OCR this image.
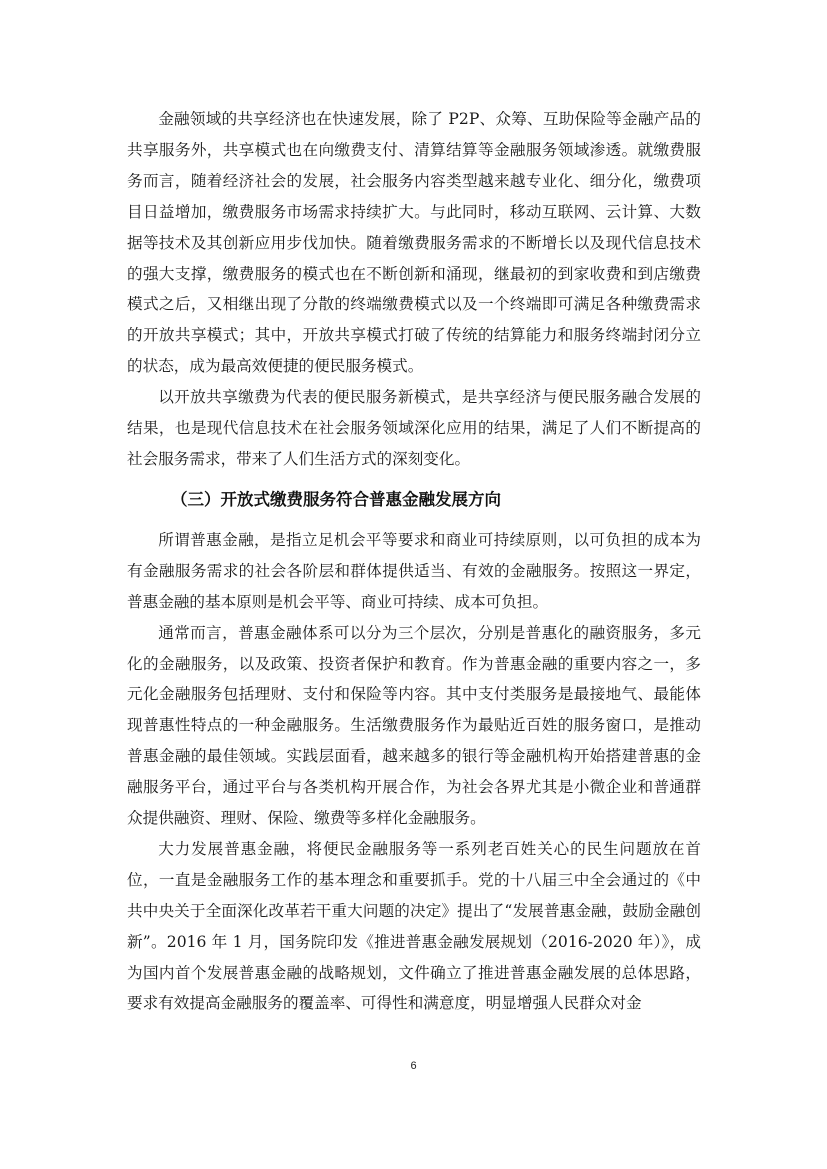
金融领域的共享经济也在快速发展，除了 P2P、众筹、互助保险等金融产品的共享服务外，共享模式也在向缴费支付、清算结算等金融服务领域渗透。就缴费服务而言，随着经济社会的发展，社会服务内容类型越来越专业化、细分化，缴费项目日益增加，缴费服务市场需求持续扩大。与此同时，移动互联网、云计算、大数据等技术及其创新应用步伐加快。随着缴费服务需求的不断增长以及现代信息技术的强大支撑，缴费服务的模式也在不断创新和涌现，继最初的到家收费和到店缴费模式之后，又相继出现了分散的终端缴费模式以及一个终端即可满足各种缴费需求的开放共享模式；其中，开放共享模式打破了传统的结算能力和服务终端封闭分立的状态，成为最高效便捷的便民服务模式。

以开放共享缴费为代表的便民服务新模式，是共享经济与便民服务融合发展的结果，也是现代信息技术在社会服务领域深化应用的结果，满足了人们不断提高的社会服务需求，带来了人们生活方式的深刻变化。

（三）开放式缴费服务符合普惠金融发展方向

所谓普惠金融，是指立足机会平等要求和商业可持续原则，以可负担的成本为有金融服务需求的社会各阶层和群体提供适当、有效的金融服务。按照这一界定，普惠金融的基本原则是机会平等、商业可持续、成本可负担。

通常而言，普惠金融体系可以分为三个层次，分别是普惠化的融资服务，多元化的金融服务，以及政策、投资者保护和教育。作为普惠金融的重要内容之一，多元化金融服务包括理财、支付和保险等内容。其中支付类服务是最接地气、最能体现普惠性特点的一种金融服务。生活缴费服务作为最贴近百姓的服务窗口，是推动普惠金融的最佳领域。实践层面看，越来越多的银行等金融机构开始搭建普惠的金融服务平台，通过平台与各类机构开展合作，为社会各界尤其是小微企业和普通群众提供融资、理财、保险、缴费等多样化金融服务。

大力发展普惠金融，将便民金融服务等一系列老百姓关心的民生问题放在首位，一直是金融服务工作的基本理念和重要抓手。党的十八届三中全会通过的《中共中央关于全面深化改革若干重大问题的决定》提出了“发展普惠金融，鼓励金融创新”。2016 年 1 月，国务院印发《推进普惠金融发展规划（2016-2020 年）》，成为国内首个发展普惠金融的战略规划，文件确立了推进普惠金融发展的总体思路，要求有效提高金融服务的覆盖率、可得性和满意度，明显增强人民群众对金

6
